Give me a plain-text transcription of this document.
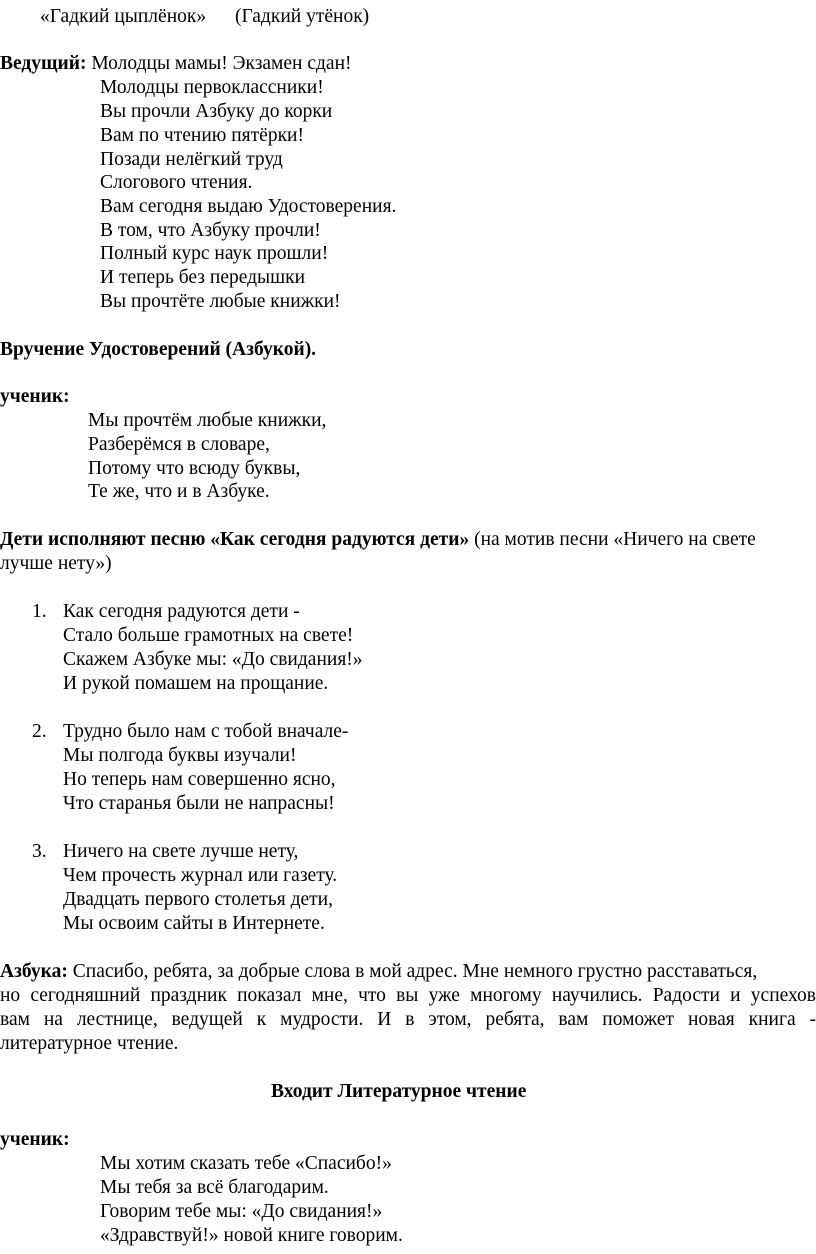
«Гадкий цыплёнок» (Гадкий утёнок)
Ведущий: Молодцы мамы! Экзамен сдан!
Молодцы первоклассники!
Вы прочли Азбуку до корки
Вам по чтению пятёрки!
Позади нелёгкий труд
Слогового чтения.
Вам сегодня выдаю Удостоверения.
В том, что Азбуку прочли!
Полный курс наук прошли!
И теперь без передышки
Вы прочтёте любые книжки!
Вручение Удостоверений (Азбукой).
ученик:
Мы прочтём любые книжки,
Разберёмся в словаре,
Потому что всюду буквы,
Те же, что и в Азбуке.
Дети исполняют песню «Как сегодня радуются дети» (на мотив песни «Ничего на свете
лучше нету»)
1. Как сегодня радуются дети -
Стало больше грамотных на свете!
Скажем Азбуке мы: «До свидания!»
И рукой помашем на прощание.
2. Трудно было нам с тобой вначале-
Мы полгода буквы изучали!
Но теперь нам совершенно ясно,
Что старанья были не напрасны!
3. Ничего на свете лучше нету,
Чем прочесть журнал или газету.
Двадцать первого столетья дети,
Мы освоим сайты в Интернете.
Азбука: Спасибо, ребята, за добрые слова в мой адрес. Мне немного грустно расставаться,
но сегодняшний праздник показал мне, что вы уже многому научились. Радости и успехов
вам на лестнице, ведущей к мудрости. И в этом, ребята, вам поможет новая книга -
литературное чтение.
Входит Литературное чтение
ученик:
Мы хотим сказать тебе «Спасибо!»
Мы тебя за всё благодарим.
Говорим тебе мы: «До свидания!»
«Здравствуй!» новой книге говорим.
